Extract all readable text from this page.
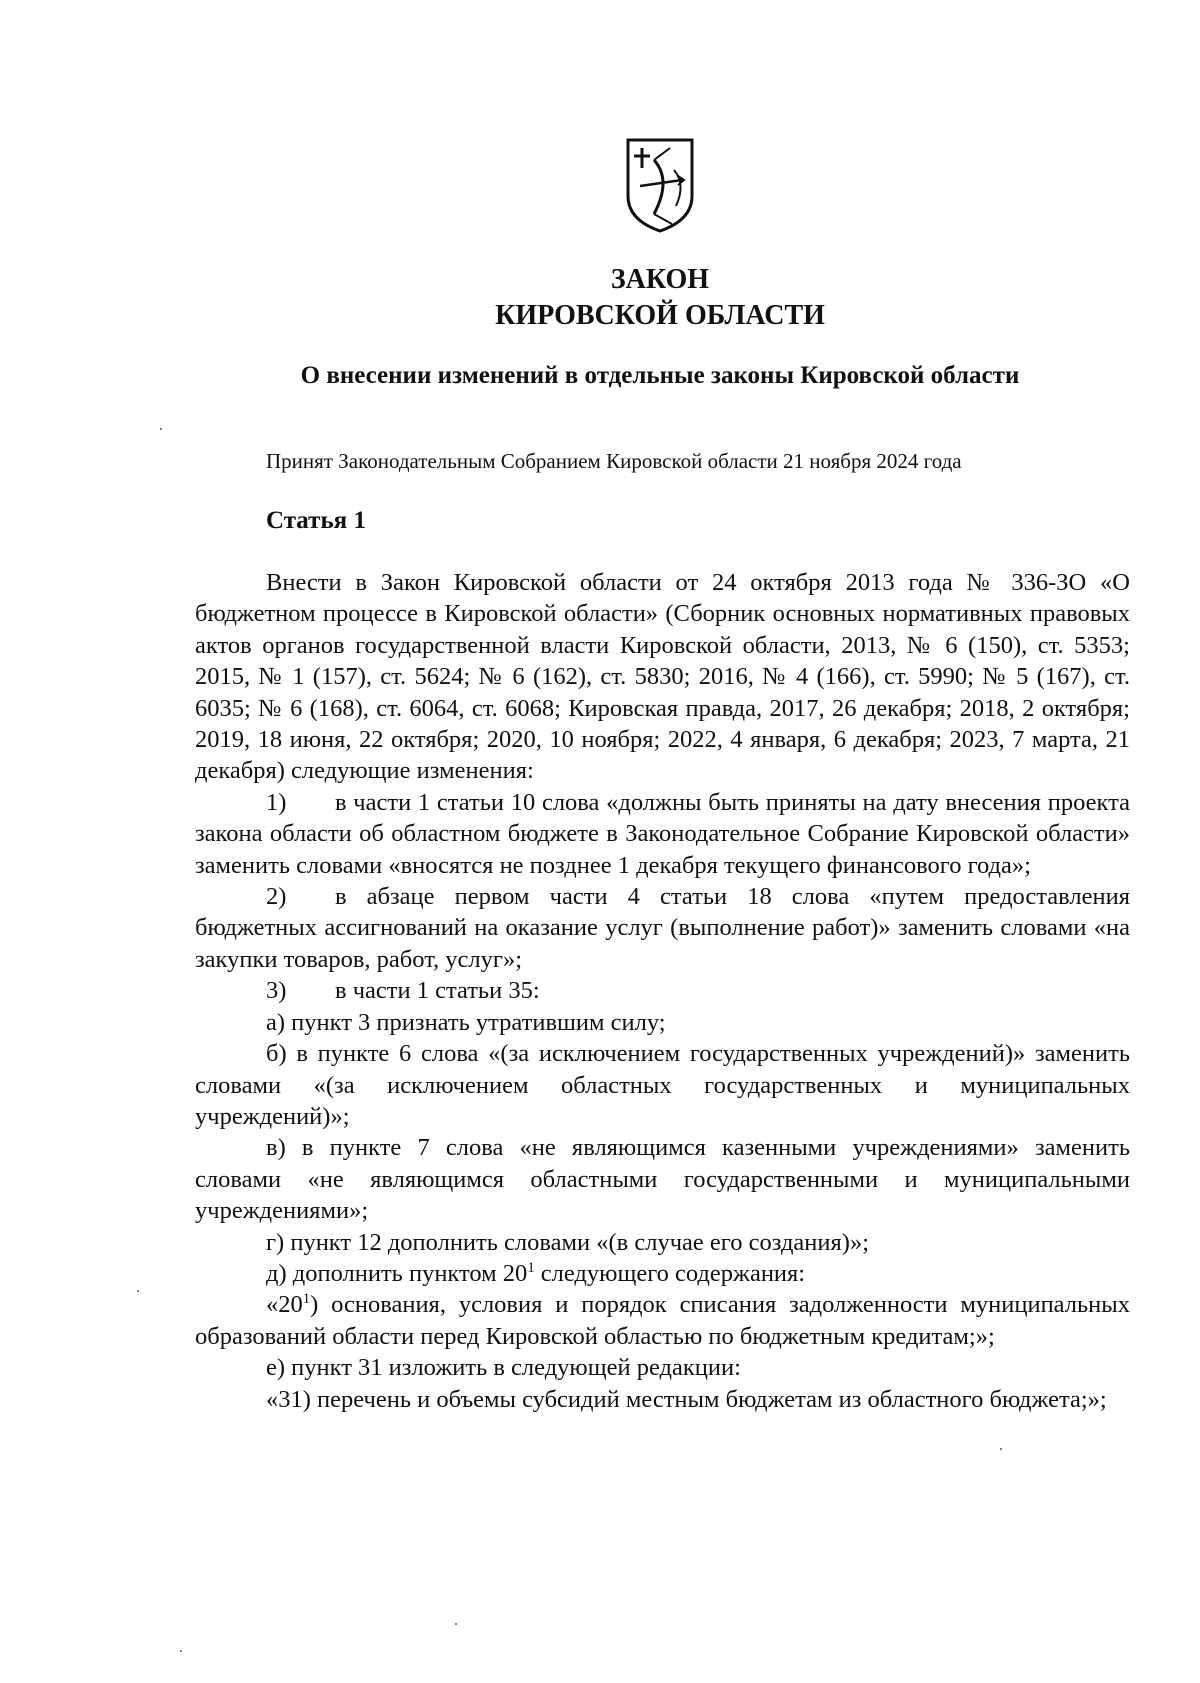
ЗАКОН
КИРОВСКОЙ ОБЛАСТИ
О внесении изменений в отдельные законы Кировской области
Принят Законодательным Собранием Кировской области 21 ноября 2024 года
Статья 1

Внести в Закон Кировской области от 24 октября 2013 года № 336-ЗО «О бюджетном процессе в Кировской области» (Сборник основных нормативных правовых актов органов государственной власти Кировской области, 2013, № 6 (150), ст. 5353; 2015, № 1 (157), ст. 5624; № 6 (162), ст. 5830; 2016, № 4 (166), ст. 5990; № 5 (167), ст. 6035; № 6 (168), ст. 6064, ст. 6068; Кировская правда, 2017, 26 декабря; 2018, 2 октября; 2019, 18 июня, 22 октября; 2020, 10 ноября; 2022, 4 января, 6 декабря; 2023, 7 марта, 21 декабря) следующие изменения:

1) в части 1 статьи 10 слова «должны быть приняты на дату внесения проекта закона области об областном бюджете в Законодательное Собрание Кировской области» заменить словами «вносятся не позднее 1 декабря текущего финансового года»;

2) в абзаце первом части 4 статьи 18 слова «путем предоставления бюджетных ассигнований на оказание услуг (выполнение работ)» заменить словами «на закупки товаров, работ, услуг»;

3) в части 1 статьи 35:

а) пункт 3 признать утратившим силу;

б) в пункте 6 слова «(за исключением государственных учреждений)» заменить словами «(за исключением областных государственных и муниципальных учреждений)»;

в) в пункте 7 слова «не являющимся казенными учреждениями» заменить словами «не являющимся областными государственными и муниципальными учреждениями»;

г) пункт 12 дополнить словами «(в случае его создания)»;

д) дополнить пунктом $20^1$ следующего содержания:

«$20^1$) основания, условия и порядок списания задолженности муниципальных образований области перед Кировской областью по бюджетным кредитам;»;

е) пункт 31 изложить в следующей редакции:

«31) перечень и объемы субсидий местным бюджетам из областного бюджета;»;
